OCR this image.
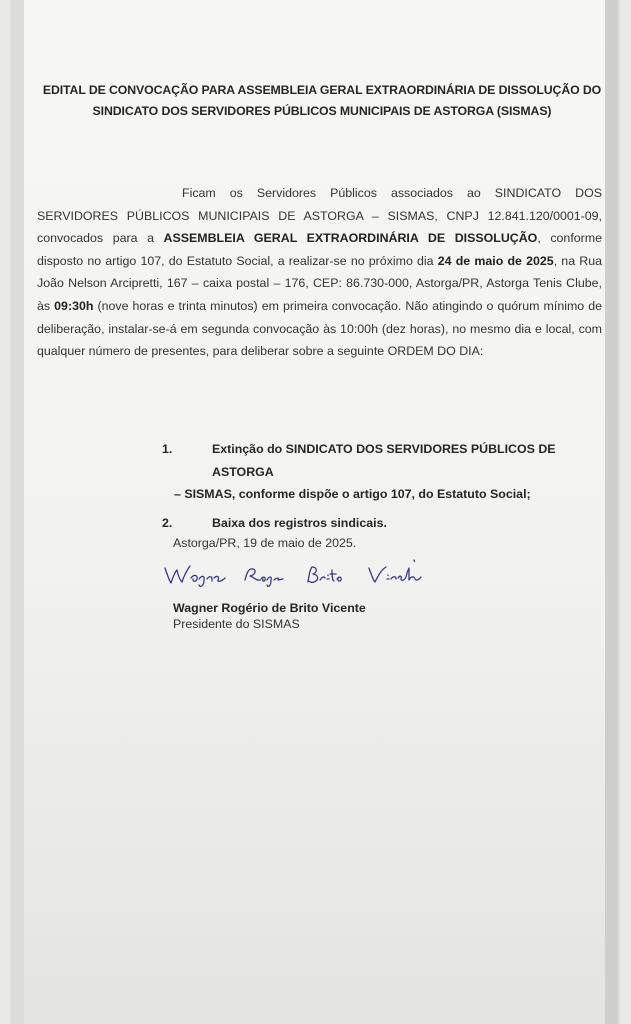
EDITAL DE CONVOCAÇÃO PARA ASSEMBLEIA GERAL EXTRAORDINÁRIA DE DISSOLUÇÃO DO
SINDICATO DOS SERVIDORES PÚBLICOS MUNICIPAIS DE ASTORGA (SISMAS)
Ficam os Servidores Públicos associados ao SINDICATO DOS SERVIDORES PÚBLICOS MUNICIPAIS DE ASTORGA – SISMAS, CNPJ 12.841.120/0001-09, convocados para a ASSEMBLEIA GERAL EXTRAORDINÁRIA DE DISSOLUÇÃO, conforme disposto no artigo 107, do Estatuto Social, a realizar-se no próximo dia 24 de maio de 2025, na Rua João Nelson Arcipretti, 167 – caixa postal – 176, CEP: 86.730-000, Astorga/PR, Astorga Tenis Clube, às 09:30h (nove horas e trinta minutos) em primeira convocação. Não atingindo o quórum mínimo de deliberação, instalar-se-á em segunda convocação às 10:00h (dez horas), no mesmo dia e local, com qualquer número de presentes, para deliberar sobre a seguinte ORDEM DO DIA:
1.	Extinção do SINDICATO DOS SERVIDORES PÚBLICOS DE ASTORGA
– SISMAS, conforme dispõe o artigo 107, do Estatuto Social;
2.	Baixa dos registros sindicais.
Astorga/PR, 19 de maio de 2025.
Wagner Rogério de Brito Vicente
Presidente do SISMAS
